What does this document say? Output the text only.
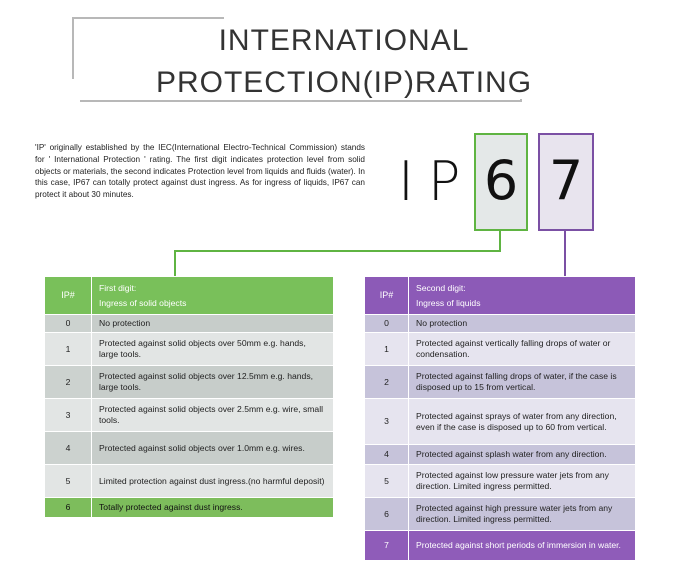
INTERNATIONAL
PROTECTION(IP)RATING
'IP' originally established by the IEC(International Electro-Technical Commission) stands for ' International Protection ' rating. The first digit indicates protection level from solid objects or materials, the second indicates Protection level from liquids and fluids (water). In this case, IP67 can totally protect against dust ingress. As for ingress of liquids, IP67 can protect it about 30 minutes.	IP 6 7
IP#	First digit:
Ingress of solid objects

0	No protection
1	Protected against solid objects over 50mm e.g. hands, large tools.
2	Protected against solid objects over 12.5mm e.g. hands, large tools.
3	Protected against solid objects over 2.5mm e.g. wire, small tools.
4	Protected against solid objects over 1.0mm e.g. wires.
5	Limited protection against dust ingress.(no harmful deposit)
6	Totally protected against dust ingress.
IP#	Second digit:
Ingress of liquids

0	No protection
1	Protected against vertically falling drops of water or condensation.
2	Protected against falling drops of water, if the case is disposed up to 15 from vertical.
3	Protected against sprays of water from any direction, even if the case is disposed up to 60 from vertical.
4	Protected against splash water from any direction.
5	Protected against low pressure water jets from any direction. Limited ingress permitted.
6	Protected against high pressure water jets from any direction. Limited ingress permitted.
7	Protected against short periods of immersion in water.
